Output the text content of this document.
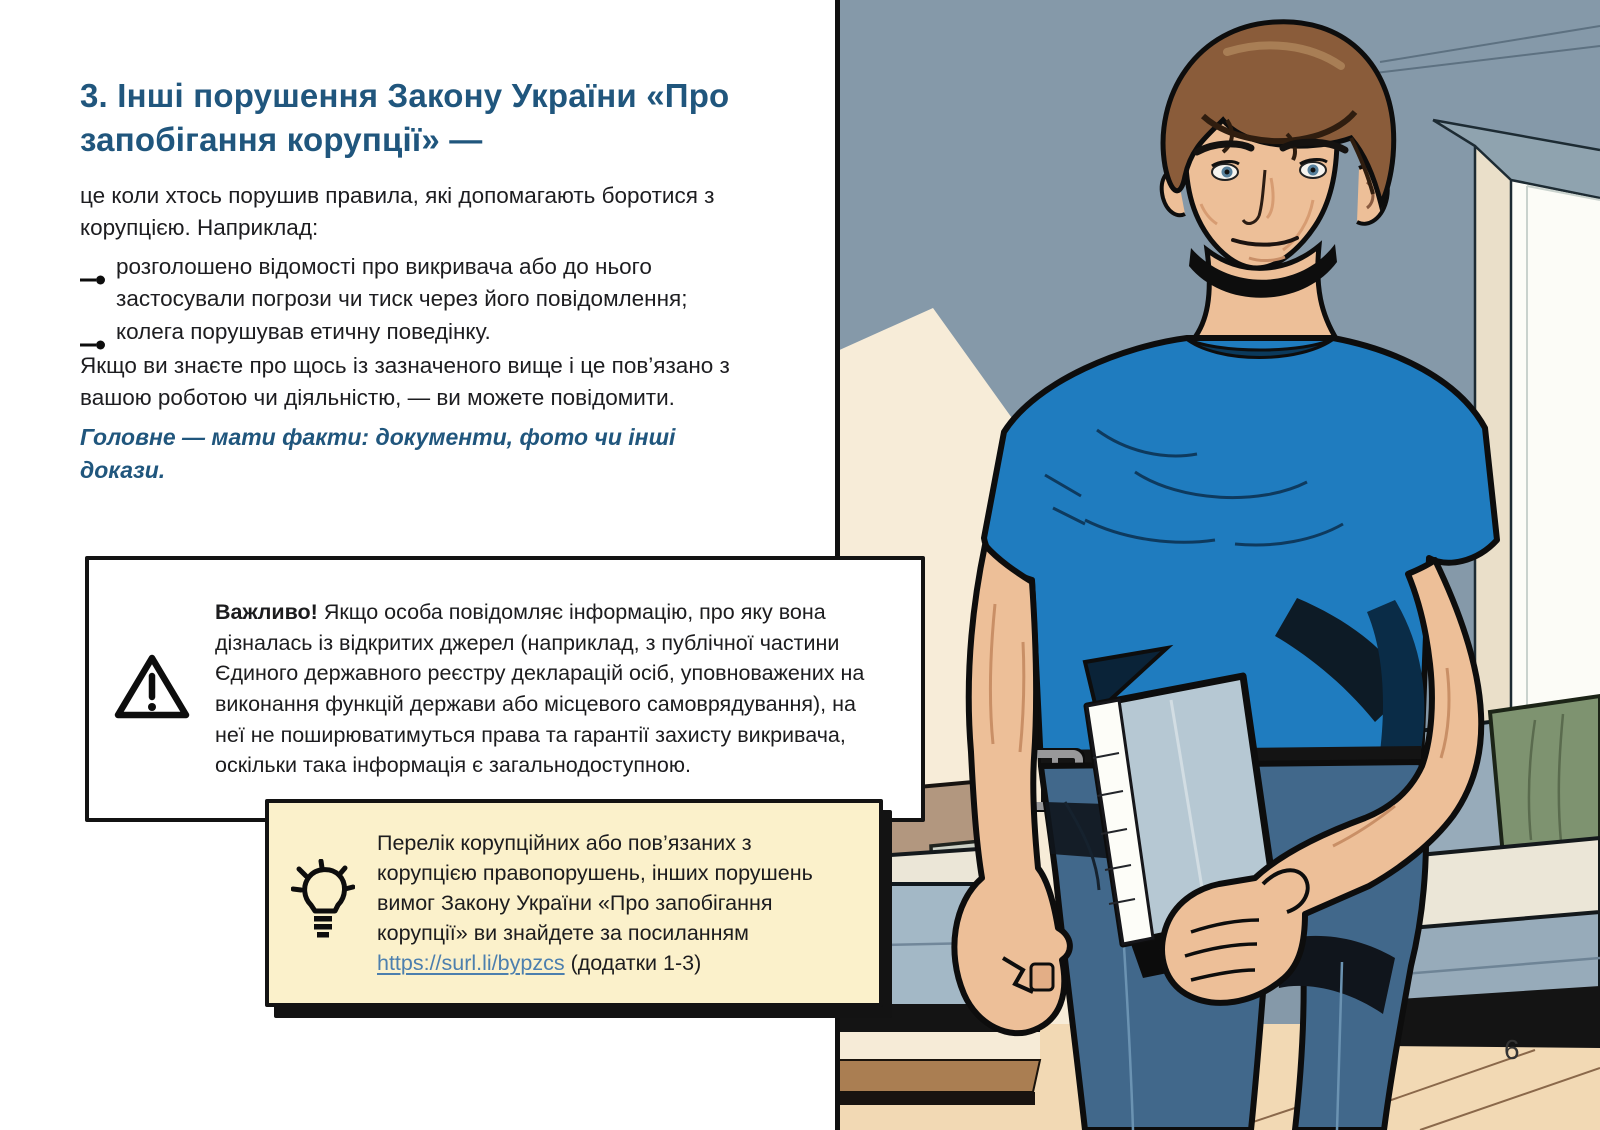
3. Інші порушення Закону України «Про запобігання корупції» —
це коли хтось порушив правила, які допомагають боротися з корупцією. Наприклад:
розголошено відомості про викривача або до нього застосували погрози чи тиск через його повідомлення;
колега порушував етичну поведінку.
Якщо ви знаєте про щось із зазначеного вище і це пов’язано з вашою роботою чи діяльністю, — ви можете повідомити.
Головне — мати факти: документи, фото чи інші докази.
Важливо! Якщо особа повідомляє інформацію, про яку вона дізналась із відкритих джерел (наприклад, з публічної частини Єдиного державного реєстру декларацій осіб, уповноважених на виконання функцій держави або місцевого самоврядування), на неї не поширюватимуться права та гарантії захисту викривача, оскільки така інформація є загальнодоступною.
Перелік корупційних або пов’язаних з корупцією правопорушень, інших порушень вимог Закону України «Про запобігання корупції» ви знайдете за посиланням https://surl.li/bypzcs (додатки 1-3)
6
